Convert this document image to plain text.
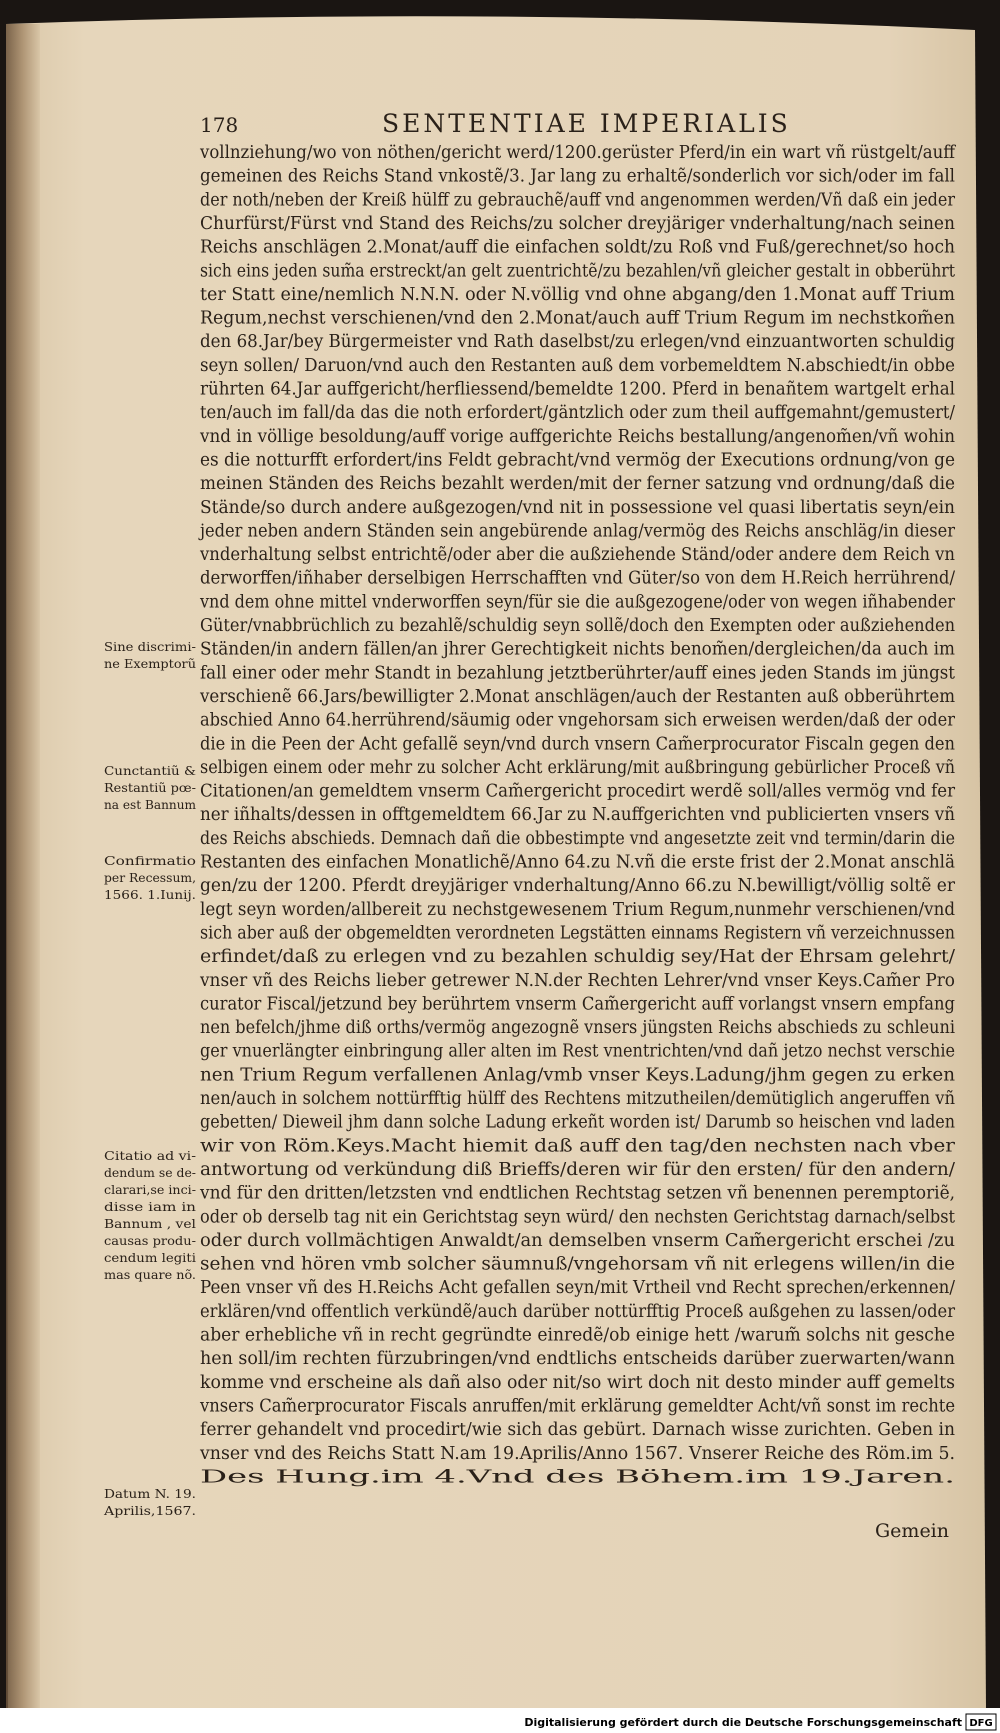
178	SENTENTIAE IMPERIALIS
vollnziehung/wo von nöthen/gericht werd/1200.gerüster Pferd/in ein wart vñ rüstgelt/auff
gemeinen des Reichs Stand vnkostẽ/3. Jar lang zu erhaltẽ/sonderlich vor sich/oder im fall
der noth/neben der Kreiß hülff zu gebrauchẽ/auff vnd angenommen werden/Vñ daß ein jeder
Churfürst/Fürst vnd Stand des Reichs/zu solcher dreyjäriger vnderhaltung/nach seinen
Reichs anschlägen 2.Monat/auff die einfachen soldt/zu Roß vnd Fuß/gerechnet/so hoch
sich eins jeden sum̃a erstreckt/an gelt zuentrichtẽ/zu bezahlen/vñ gleicher gestalt in obberührt
ter Statt eine/nemlich N.N.N. oder N.völlig vnd ohne abgang/den 1.Monat auff Trium
Regum,nechst verschienen/vnd den 2.Monat/auch auff Trium Regum im nechstkom̃en
den 68.Jar/bey Bürgermeister vnd Rath daselbst/zu erlegen/vnd einzuantworten schuldig
seyn sollen/ Daruon/vnd auch den Restanten auß dem vorbemeldtem N.abschiedt/in obbe
rührten 64.Jar auffgericht/herfliessend/bemeldte 1200. Pferd in benañtem wartgelt erhal
ten/auch im fall/da das die noth erfordert/gäntzlich oder zum theil auffgemahnt/gemustert/
vnd in völlige besoldung/auff vorige auffgerichte Reichs bestallung/angenom̃en/vñ wohin
es die notturfft erfordert/ins Feldt gebracht/vnd vermög der Executions ordnung/von ge
meinen Ständen des Reichs bezahlt werden/mit der ferner satzung vnd ordnung/daß die
Stände/so durch andere außgezogen/vnd nit in possessione vel quasi libertatis seyn/ein
jeder neben andern Ständen sein angebürende anlag/vermög des Reichs anschläg/in dieser
vnderhaltung selbst entrichtẽ/oder aber die außziehende Ständ/oder andere dem Reich vn
derworffen/iñhaber derselbigen Herrschafften vnd Güter/so von dem H.Reich herrührend/
vnd dem ohne mittel vnderworffen seyn/für sie die außgezogene/oder von wegen iñhabender
Güter/vnabbrüchlich zu bezahlẽ/schuldig seyn sollẽ/doch den Exempten oder außziehenden
Ständen/in andern fällen/an jhrer Gerechtigkeit nichts benom̃en/dergleichen/da auch im
fall einer oder mehr Standt in bezahlung jetztberührter/auff eines jeden Stands im jüngst
verschienẽ 66.Jars/bewilligter 2.Monat anschlägen/auch der Restanten auß obberührtem
abschied Anno 64.herrührend/säumig oder vngehorsam sich erweisen werden/daß der oder
die in die Peen der Acht gefallẽ seyn/vnd durch vnsern Cam̃erprocurator Fiscaln gegen den
selbigen einem oder mehr zu solcher Acht erklärung/mit außbringung gebürlicher Proceß vñ
Citationen/an gemeldtem vnserm Cam̃ergericht procedirt werdẽ soll/alles vermög vnd fer
ner iñhalts/dessen in offtgemeldtem 66.Jar zu N.auffgerichten vnd publicierten vnsers vñ
des Reichs abschieds. Demnach dañ die obbestimpte vnd angesetzte zeit vnd termin/darin die
Restanten des einfachen Monatlichẽ/Anno 64.zu N.vñ die erste frist der 2.Monat anschlä
gen/zu der 1200. Pferdt dreyjäriger vnderhaltung/Anno 66.zu N.bewilligt/völlig soltẽ er
legt seyn worden/allbereit zu nechstgewesenem Trium Regum,nunmehr verschienen/vnd
sich aber auß der obgemeldten verordneten Legstätten einnams Registern vñ verzeichnussen
erfindet/daß zu erlegen vnd zu bezahlen schuldig sey/Hat der Ehrsam gelehrt/
vnser vñ des Reichs lieber getrewer N.N.der Rechten Lehrer/vnd vnser Keys.Cam̃er Pro
curator Fiscal/jetzund bey berührtem vnserm Cam̃ergericht auff vorlangst vnsern empfang
nen befelch/jhme diß orths/vermög angezognẽ vnsers jüngsten Reichs abschieds zu schleuni
ger vnuerlängter einbringung aller alten im Rest vnentrichten/vnd dañ jetzo nechst verschie
nen Trium Regum verfallenen Anlag/vmb vnser Keys.Ladung/jhm gegen zu erken
nen/auch in solchem nottürfftig hülff des Rechtens mitzutheilen/demütiglich angeruffen vñ
gebetten/ Dieweil jhm dann solche Ladung erkeñt worden ist/ Darumb so heischen vnd laden
wir von Röm.Keys.Macht hiemit daß auff den tag/den nechsten nach vber
antwortung od verkündung diß Brieffs/deren wir für den ersten/ für den andern/
vnd für den dritten/letzsten vnd endtlichen Rechtstag setzen vñ benennen peremptoriẽ,
oder ob derselb tag nit ein Gerichtstag seyn würd/ den nechsten Gerichtstag darnach/selbst
oder durch vollmächtigen Anwaldt/an demselben vnserm Cam̃ergericht erschei /zu
sehen vnd hören vmb solcher säumnuß/vngehorsam vñ nit erlegens willen/in die
Peen vnser vñ des H.Reichs Acht gefallen seyn/mit Vrtheil vnd Recht sprechen/erkennen/
erklären/vnd offentlich verkündẽ/auch darüber nottürfftig Proceß außgehen zu lassen/oder
aber erhebliche vñ in recht gegründte einredẽ/ob einige hett /warum̃ solchs nit gesche
hen soll/im rechten fürzubringen/vnd endtlichs entscheids darüber zuerwarten/wann
komme vnd erscheine als dañ also oder nit/so wirt doch nit desto minder auff gemelts
vnsers Cam̃erprocurator Fiscals anruffen/mit erklärung gemeldter Acht/vñ sonst im rechte
ferrer gehandelt vnd procedirt/wie sich das gebürt. Darnach wisse zurichten. Geben in
vnser vnd des Reichs Statt N.am 19.Aprilis/Anno 1567. Vnserer Reiche des Röm.im 5.
Des Hung.im 4.Vnd des Böhem.im 19.Jaren.
Sine discrimi-
ne Exemptorũ
Cunctantiũ &
Restantiũ pœ-
na est Bannum
Confirmatio
per Recessum,
1566. 1.Iunij.
Citatio ad vi-
dendum se de-
clarari,se inci-
disse iam in
Bannum , vel
causas produ-
cendum legiti
mas quare nõ.
Datum N. 19.
Aprilis,1567.
Gemein
Digitalisierung gefördert durch die Deutsche Forschungsgemeinschaft DFG
